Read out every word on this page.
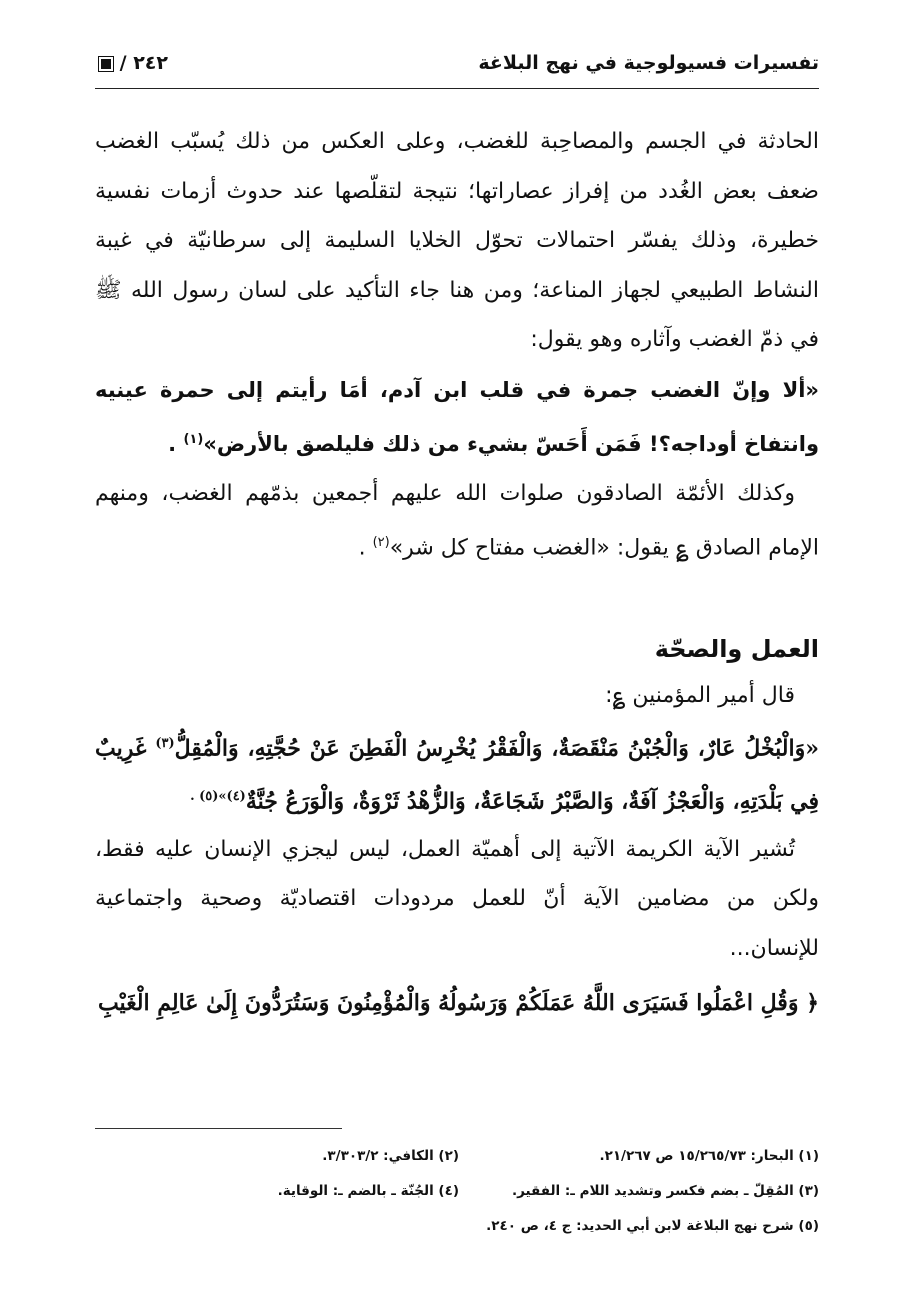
تفسيرات فسيولوجية في نهج البلاغة
٢٤٢ /

الحادثة في الجسم والمصاحِبة للغضب، وعلى العكس من ذلك يُسبّب الغضب ضعف بعض الغُدد من إفراز عصاراتها؛ نتيجة لتقلّصها عند حدوث أزمات نفسية خطيرة، وذلك يفسّر احتمالات تحوّل الخلايا السليمة إلى سرطانيّة في غيبة النشاط الطبيعي لجهاز المناعة؛ ومن هنا جاء التأكيد على لسان رسول الله ﷺ في ذمّ الغضب وآثاره وهو يقول:

«ألا وإنّ الغضب جمرة في قلب ابن آدم، أمَا رأيتم إلى حمرة عينيه وانتفاخ أوداجه؟! فَمَن أَحَسّ بشيء من ذلك فليلصق بالأرض»$^{(١)}$ .

وكذلك الأئمّة الصادقون صلوات الله عليهم أجمعين بذمّهم الغضب، ومنهم الإمام الصادق ؏ يقول: «الغضب مفتاح كل شر»$^{(٢)}$ .

العمل والصحّة

قال أمير المؤمنين ؏:

«وَالْبُخْلُ عَارٌ، وَالْجُبْنُ مَنْقَصَةٌ، وَالْفَقْرُ يُخْرِسُ الْفَطِنَ عَنْ حُجَّتِهِ، وَالْمُقِلُّ$^{(٣)}$ غَرِيبٌ فِي بَلْدَتِهِ، وَالْعَجْزُ آفَةٌ، وَالصَّبْرُ شَجَاعَةٌ، وَالزُّهْدُ ثَرْوَةٌ، وَالْوَرَعُ جُنَّةٌ$^{(٤)»(٥) .}$

تُشير الآية الكريمة الآتية إلى أهميّة العمل، ليس ليجزي الإنسان عليه فقط، ولكن من مضامين الآية أنّ للعمل مردودات اقتصاديّة وصحية واجتماعية للإنسان...

﴿ وَقُلِ اعْمَلُوا فَسَيَرَى اللَّهُ عَمَلَكُمْ وَرَسُولُهُ وَالْمُؤْمِنُونَ وَسَتُرَدُّونَ إِلَىٰ عَالِمِ الْغَيْبِ

(١) البحار: ١٥/٢٦٥/٧٣ ص ٢١/٢٦٧.
(٢) الكافي: ٣/٣٠٣/٢.
(٣) المُقِلّ ـ بضم فكسر وتشديد اللام ـ: الفقير.
(٤) الجُنّة ـ بالضم ـ: الوقاية.
(٥) شرح نهج البلاغة لابن أبي الحديد: ج ٤، ص ٢٤٠.
